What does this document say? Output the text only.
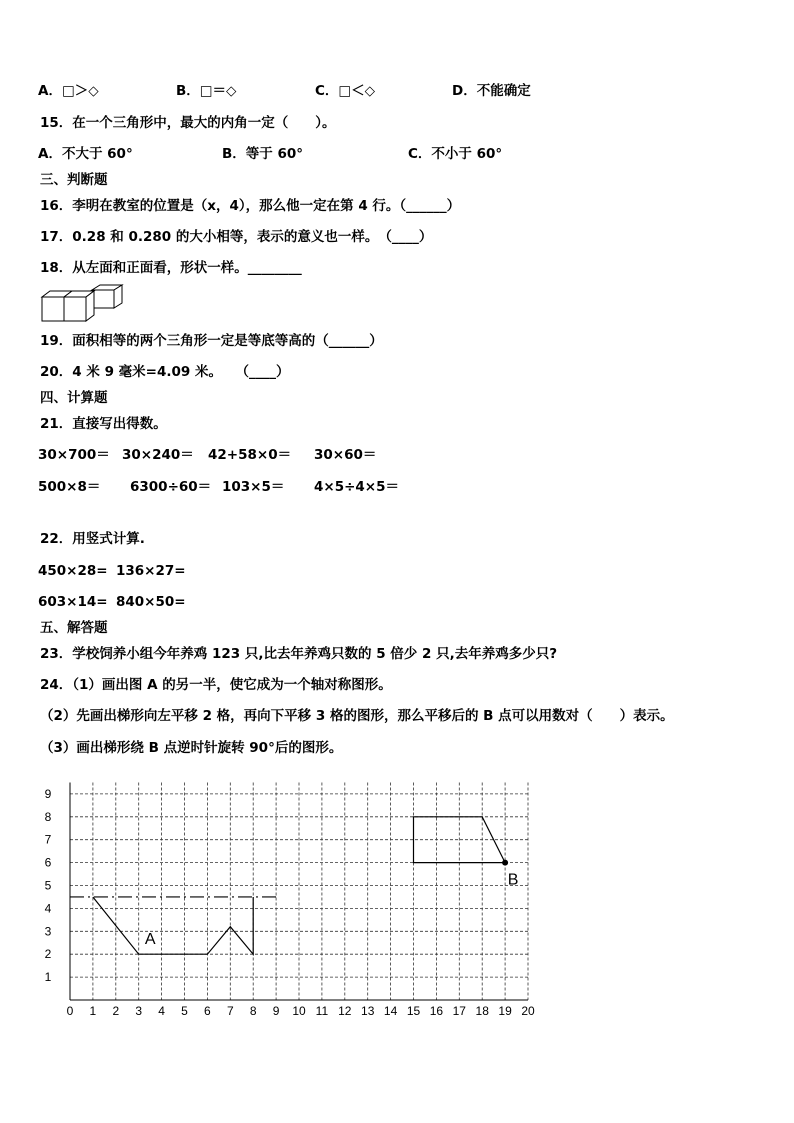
A．□＞◇	B．□＝◇	C．□＜◇	D．不能确定
15．在一个三角形中，最大的内角一定（　　）。
A．不大于 60°	B．等于 60°	C．不小于 60°
三、判断题
16．李明在教室的位置是（x，4），那么他一定在第 4 行。（______）
17．0.28 和 0.280 的大小相等，表示的意义也一样。　（____）
18．从左面和正面看，形状一样。________
19．面积相等的两个三角形一定是等底等高的（______）
20．4 米 9 毫米=4.09 米。　　（____）
四、计算题
21．直接写出得数。
30×700＝ 30×240＝ 42+58×0＝ 30×60＝
500×8＝ 6300÷60＝ 103×5＝ 4×5÷4×5＝
22．用竖式计算.
450×28= 136×27=
603×14= 840×50=
五、解答题
23．学校饲养小组今年养鸡 123 只,比去年养鸡只数的 5 倍少 2 只,去年养鸡多少只?
24．（1）画出图 A 的另一半，使它成为一个轴对称图形。
（2）先画出梯形向左平移 2 格，再向下平移 3 格的图形，那么平移后的 B 点可以用数对（　　）表示。
（3）画出梯形绕 B 点逆时针旋转 90°后的图形。
0 1 2 3 4 5 6 7 8 9 10 11 12 13 14 15 16 17 18 19 20
1
2
3
4
5
6
7
8
9
A
B
